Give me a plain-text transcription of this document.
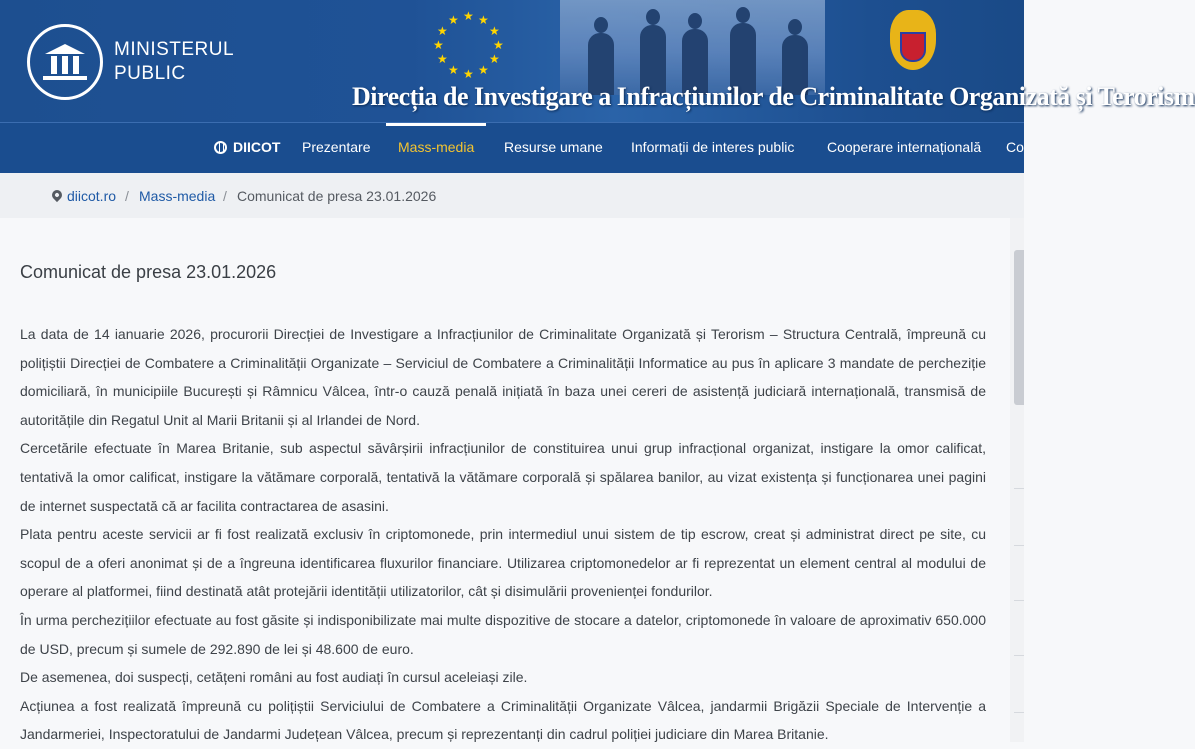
MINISTERUL
PUBLIC
★ ★
★
★
★
★
★
★
★
★
★
★
Direcția de Investigare a Infracțiunilor de Criminalitate Organizată și Terorism
DIICOT Prezentare Mass-media Resurse umane Informații de interes public Cooperare internațională Co
diicot.ro / Mass-media / Comunicat de presa 23.01.2026
Comunicat de presa 23.01.2026

La data de 14 ianuarie 2026, procurorii Direcției de Investigare a Infracțiunilor de Criminalitate Organizată și Terorism – Structura Centrală, împreună cu polițiștii Direcției de Combatere a Criminalității Organizate – Serviciul de Combatere a Criminalității Informatice au pus în aplicare 3 mandate de percheziție domiciliară, în municipiile București și Râmnicu Vâlcea, într-o cauză penală inițiată în baza unei cereri de asistență judiciară internațională, transmisă de autoritățile din Regatul Unit al Marii Britanii și al Irlandei de Nord.

Cercetările efectuate în Marea Britanie, sub aspectul săvârșirii infracțiunilor de constituirea unui grup infracțional organizat, instigare la omor calificat, tentativă la omor calificat, instigare la vătămare corporală, tentativă la vătămare corporală și spălarea banilor, au vizat existența și funcționarea unei pagini de internet suspectată că ar facilita contractarea de asasini.

Plata pentru aceste servicii ar fi fost realizată exclusiv în criptomonede, prin intermediul unui sistem de tip escrow, creat și administrat direct pe site, cu scopul de a oferi anonimat și de a îngreuna identificarea fluxurilor financiare. Utilizarea criptomonedelor ar fi reprezentat un element central al modului de operare al platformei, fiind destinată atât protejării identității utilizatorilor, cât și disimulării provenienței fondurilor.

În urma perchezițiilor efectuate au fost găsite și indisponibilizate mai multe dispozitive de stocare a datelor, criptomonede în valoare de aproximativ 650.000 de USD, precum și sumele de 292.890 de lei și 48.600 de euro.

De asemenea, doi suspecți, cetățeni români au fost audiați în cursul aceleiași zile.

Acțiunea a fost realizată împreună cu polițiștii Serviciului de Combatere a Criminalității Organizate Vâlcea, jandarmii Brigăzii Speciale de Intervenție a Jandarmeriei, Inspectoratului de Jandarmi Județean Vâlcea, precum și reprezentanți din cadrul poliției judiciare din Marea Britanie.
